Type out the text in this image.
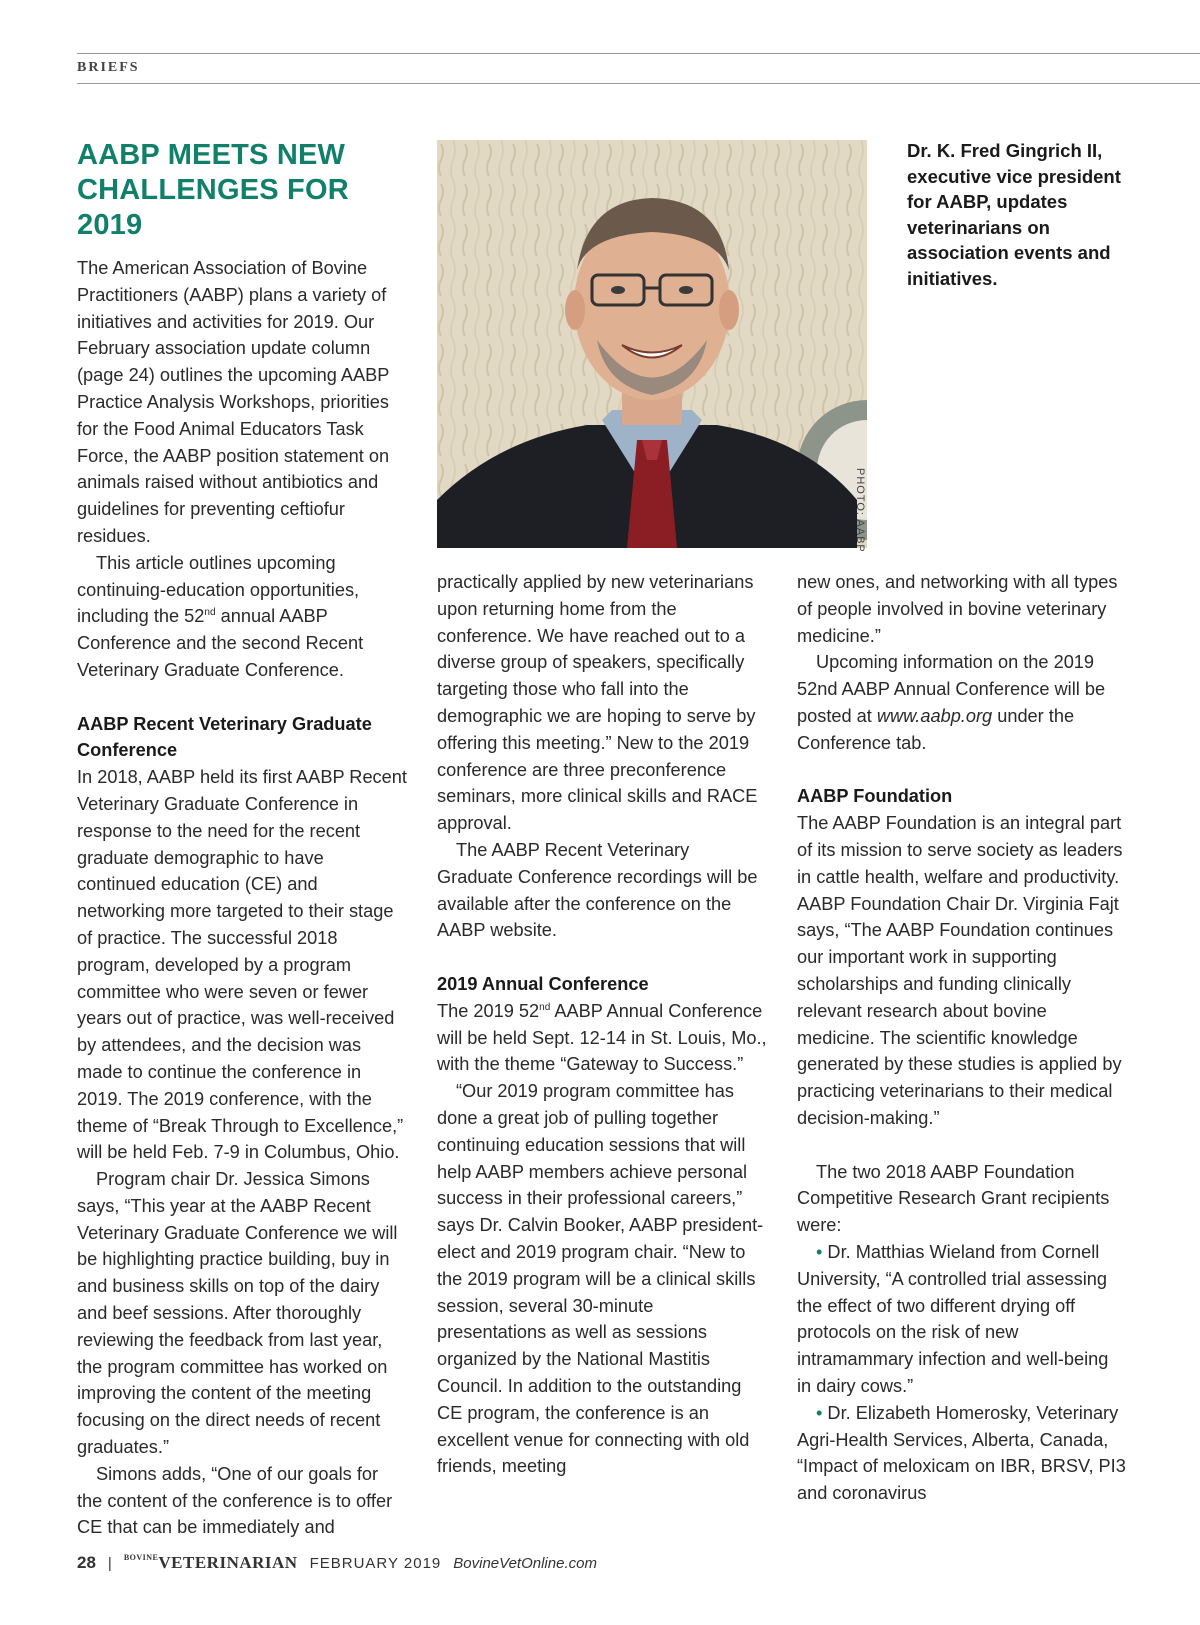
BRIEFS
AABP MEETS NEW CHALLENGES FOR 2019

The American Association of Bovine Practitioners (AABP) plans a variety of initiatives and activities for 2019. Our February association update column (page 24) outlines the upcoming AABP Practice Analysis Workshops, priorities for the Food Animal Educators Task Force, the AABP position statement on animals raised without antibiotics and guidelines for preventing ceftiofur residues.

This article outlines upcoming continuing-education opportunities, including the 52nd annual AABP Conference and the second Recent Veterinary Graduate Conference.

AABP Recent Veterinary Graduate Conference

In 2018, AABP held its first AABP Recent Veterinary Graduate Conference in response to the need for the recent graduate demographic to have continued education (CE) and networking more targeted to their stage of practice. The successful 2018 program, developed by a program committee who were seven or fewer years out of practice, was well-received by attendees, and the decision was made to continue the conference in 2019. The 2019 conference, with the theme of “Break Through to Excellence,” will be held Feb. 7-9 in Columbus, Ohio.

Program chair Dr. Jessica Simons says, “This year at the AABP Recent Veterinary Graduate Conference we will be highlighting practice building, buy in and business skills on top of the dairy and beef sessions. After thoroughly reviewing the feedback from last year, the program committee has worked on improving the content of the meeting focusing on the direct needs of recent graduates.”

Simons adds, “One of our goals for the content of the conference is to offer CE that can be immediately and

PHOTO: AABP
Dr. K. Fred Gingrich II, executive vice president for AABP, updates veterinarians on association events and initiatives.

practically applied by new veterinarians upon returning home from the conference. We have reached out to a diverse group of speakers, specifically targeting those who fall into the demographic we are hoping to serve by offering this meeting.” New to the 2019 conference are three preconference seminars, more clinical skills and RACE approval.

The AABP Recent Veterinary Graduate Conference recordings will be available after the conference on the AABP website.

2019 Annual Conference

The 2019 52nd AABP Annual Conference will be held Sept. 12-14 in St. Louis, Mo., with the theme “Gateway to Success.”

“Our 2019 program committee has done a great job of pulling together continuing education sessions that will help AABP members achieve personal success in their professional careers,” says Dr. Calvin Booker, AABP president-elect and 2019 program chair. “New to the 2019 program will be a clinical skills session, several 30-minute presentations as well as sessions organized by the National Mastitis Council. In addition to the outstanding CE program, the conference is an excellent venue for connecting with old friends, meeting

new ones, and networking with all types of people involved in bovine veterinary medicine.”

Upcoming information on the 2019 52nd AABP Annual Conference will be posted at www.aabp.org under the Conference tab.

AABP Foundation

The AABP Foundation is an integral part of its mission to serve society as leaders in cattle health, welfare and productivity. AABP Foundation Chair Dr. Virginia Fajt says, “The AABP Foundation continues our important work in supporting scholarships and funding clinically relevant research about bovine medicine. The scientific knowledge generated by these studies is applied by practicing veterinarians to their medical decision-making.”

The two 2018 AABP Foundation Competitive Research Grant recipients were:

• Dr. Matthias Wieland from Cornell University, “A controlled trial assessing the effect of two different drying off protocols on the risk of new intramammary infection and well-being in dairy cows.”

• Dr. Elizabeth Homerosky, Veterinary Agri-Health Services, Alberta, Canada, “Impact of meloxicam on IBR, BRSV, PI3 and coronavirus

28 | $^{BOVINE}$VETERINARIAN FEBRUARY 2019 BovineVetOnline.com
